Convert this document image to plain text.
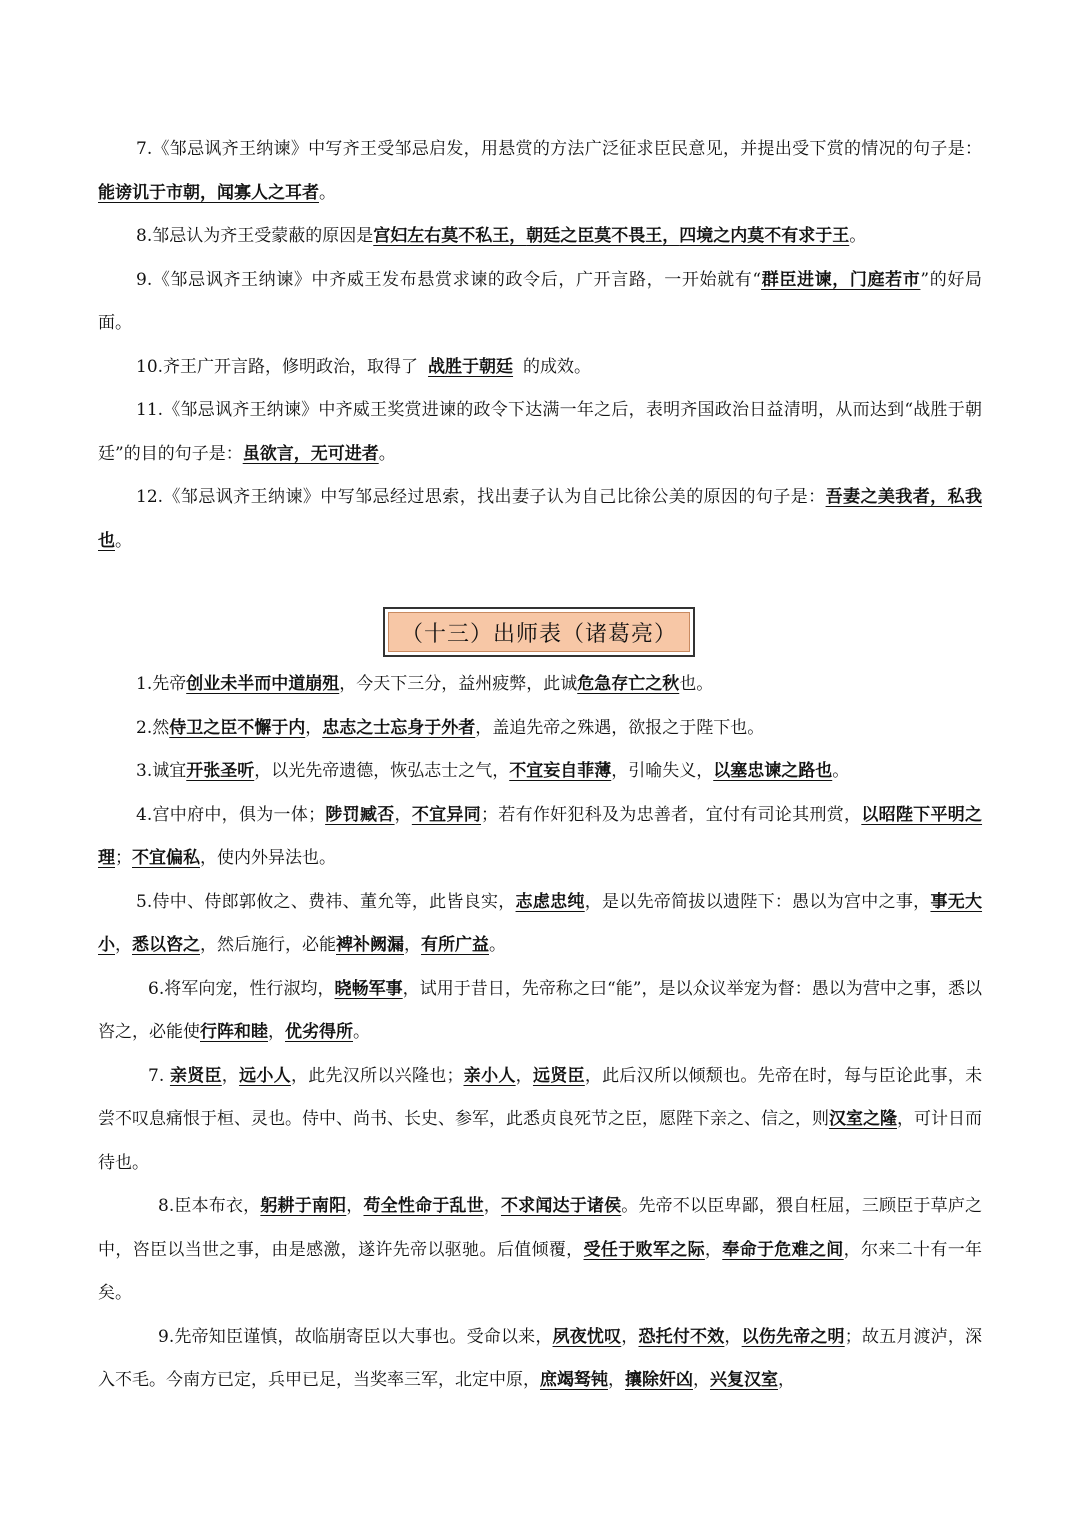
7.《邹忌讽齐王纳谏》中写齐王受邹忌启发，用悬赏的方法广泛征求臣民意见，并提出受下赏的情况的句子是：能谤讥于市朝，闻寡人之耳者。

8.邹忌认为齐王受蒙蔽的原因是宫妇左右莫不私王，朝廷之臣莫不畏王，四境之内莫不有求于王。

9.《邹忌讽齐王纳谏》中齐威王发布悬赏求谏的政令后，广开言路，一开始就有“群臣进谏，门庭若市”的好局面。

10.齐王广开言路，修明政治，取得了 战胜于朝廷 的成效。

11.《邹忌讽齐王纳谏》中齐威王奖赏进谏的政令下达满一年之后，表明齐国政治日益清明，从而达到“战胜于朝廷”的目的句子是：虽欲言，无可进者。

12.《邹忌讽齐王纳谏》中写邹忌经过思索，找出妻子认为自己比徐公美的原因的句子是：吾妻之美我者，私我也。

（十三）出师表（诸葛亮）

1.先帝创业未半而中道崩殂，今天下三分，益州疲弊，此诚危急存亡之秋也。

2.然侍卫之臣不懈于内，忠志之士忘身于外者，盖追先帝之殊遇，欲报之于陛下也。

3.诚宜开张圣听，以光先帝遗德，恢弘志士之气，不宜妄自菲薄，引喻失义，以塞忠谏之路也。

4.宫中府中，俱为一体；陟罚臧否，不宜异同；若有作奸犯科及为忠善者，宜付有司论其刑赏，以昭陛下平明之理；不宜偏私，使内外异法也。

5.侍中、侍郎郭攸之、费祎、董允等，此皆良实，志虑忠纯，是以先帝简拔以遗陛下：愚以为宫中之事，事无大小，悉以咨之，然后施行，必能裨补阙漏，有所广益。

6.将军向宠，性行淑均，晓畅军事，试用于昔日，先帝称之曰“能”，是以众议举宠为督：愚以为营中之事，悉以咨之，必能使行阵和睦，优劣得所。

7. 亲贤臣，远小人，此先汉所以兴隆也；亲小人，远贤臣，此后汉所以倾颓也。先帝在时，每与臣论此事，未尝不叹息痛恨于桓、灵也。侍中、尚书、长史、参军，此悉贞良死节之臣，愿陛下亲之、信之，则汉室之隆，可计日而待也。

8.臣本布衣，躬耕于南阳，苟全性命于乱世，不求闻达于诸侯。先帝不以臣卑鄙，猥自枉屈，三顾臣于草庐之中，咨臣以当世之事，由是感激，遂许先帝以驱驰。后值倾覆，受任于败军之际，奉命于危难之间，尔来二十有一年矣。

9.先帝知臣谨慎，故临崩寄臣以大事也。受命以来，夙夜忧叹，恐托付不效，以伤先帝之明；故五月渡泸，深入不毛。今南方已定，兵甲已足，当奖率三军，北定中原，庶竭驽钝，攘除奸凶，兴复汉室，
